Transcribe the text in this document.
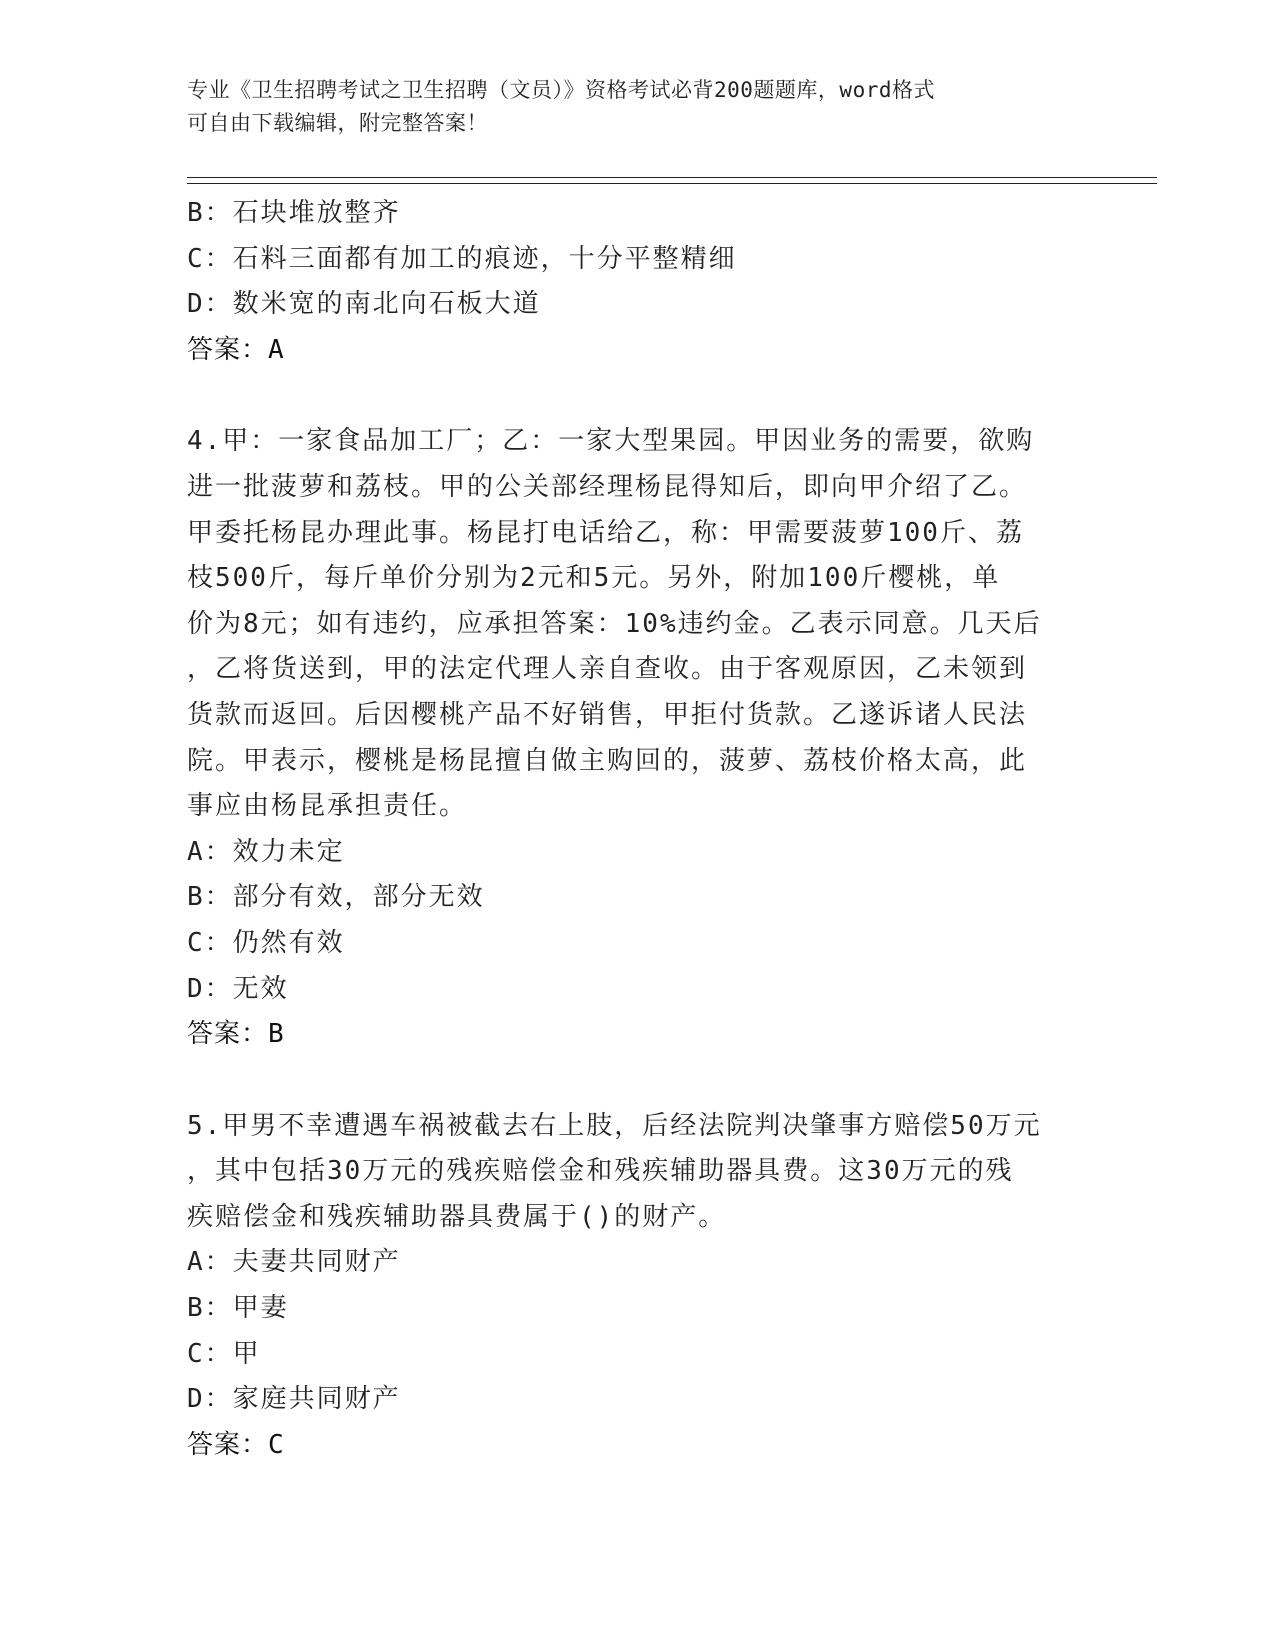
专业《卫生招聘考试之卫生招聘（文员）》资格考试必背200题题库，word格式
可自由下载编辑，附完整答案！
B：石块堆放整齐
C：石料三面都有加工的痕迹，十分平整精细
D：数米宽的南北向石板大道
答案：A
4.甲：一家食品加工厂；乙：一家大型果园。甲因业务的需要，欲购
进一批菠萝和荔枝。甲的公关部经理杨昆得知后，即向甲介绍了乙。
甲委托杨昆办理此事。杨昆打电话给乙，称：甲需要菠萝100斤、荔
枝500斤，每斤单价分别为2元和5元。另外，附加100斤樱桃，单
价为8元；如有违约，应承担答案：10%违约金。乙表示同意。几天后
，乙将货送到，甲的法定代理人亲自查收。由于客观原因，乙未领到
货款而返回。后因樱桃产品不好销售，甲拒付货款。乙遂诉诸人民法
院。甲表示，樱桃是杨昆擅自做主购回的，菠萝、荔枝价格太高，此
事应由杨昆承担责任。
A：效力未定
B：部分有效，部分无效
C：仍然有效
D：无效
答案：B
5.甲男不幸遭遇车祸被截去右上肢，后经法院判决肇事方赔偿50万元
，其中包括30万元的残疾赔偿金和残疾辅助器具费。这30万元的残
疾赔偿金和残疾辅助器具费属于()的财产。
A：夫妻共同财产
B：甲妻
C：甲
D：家庭共同财产
答案：C
